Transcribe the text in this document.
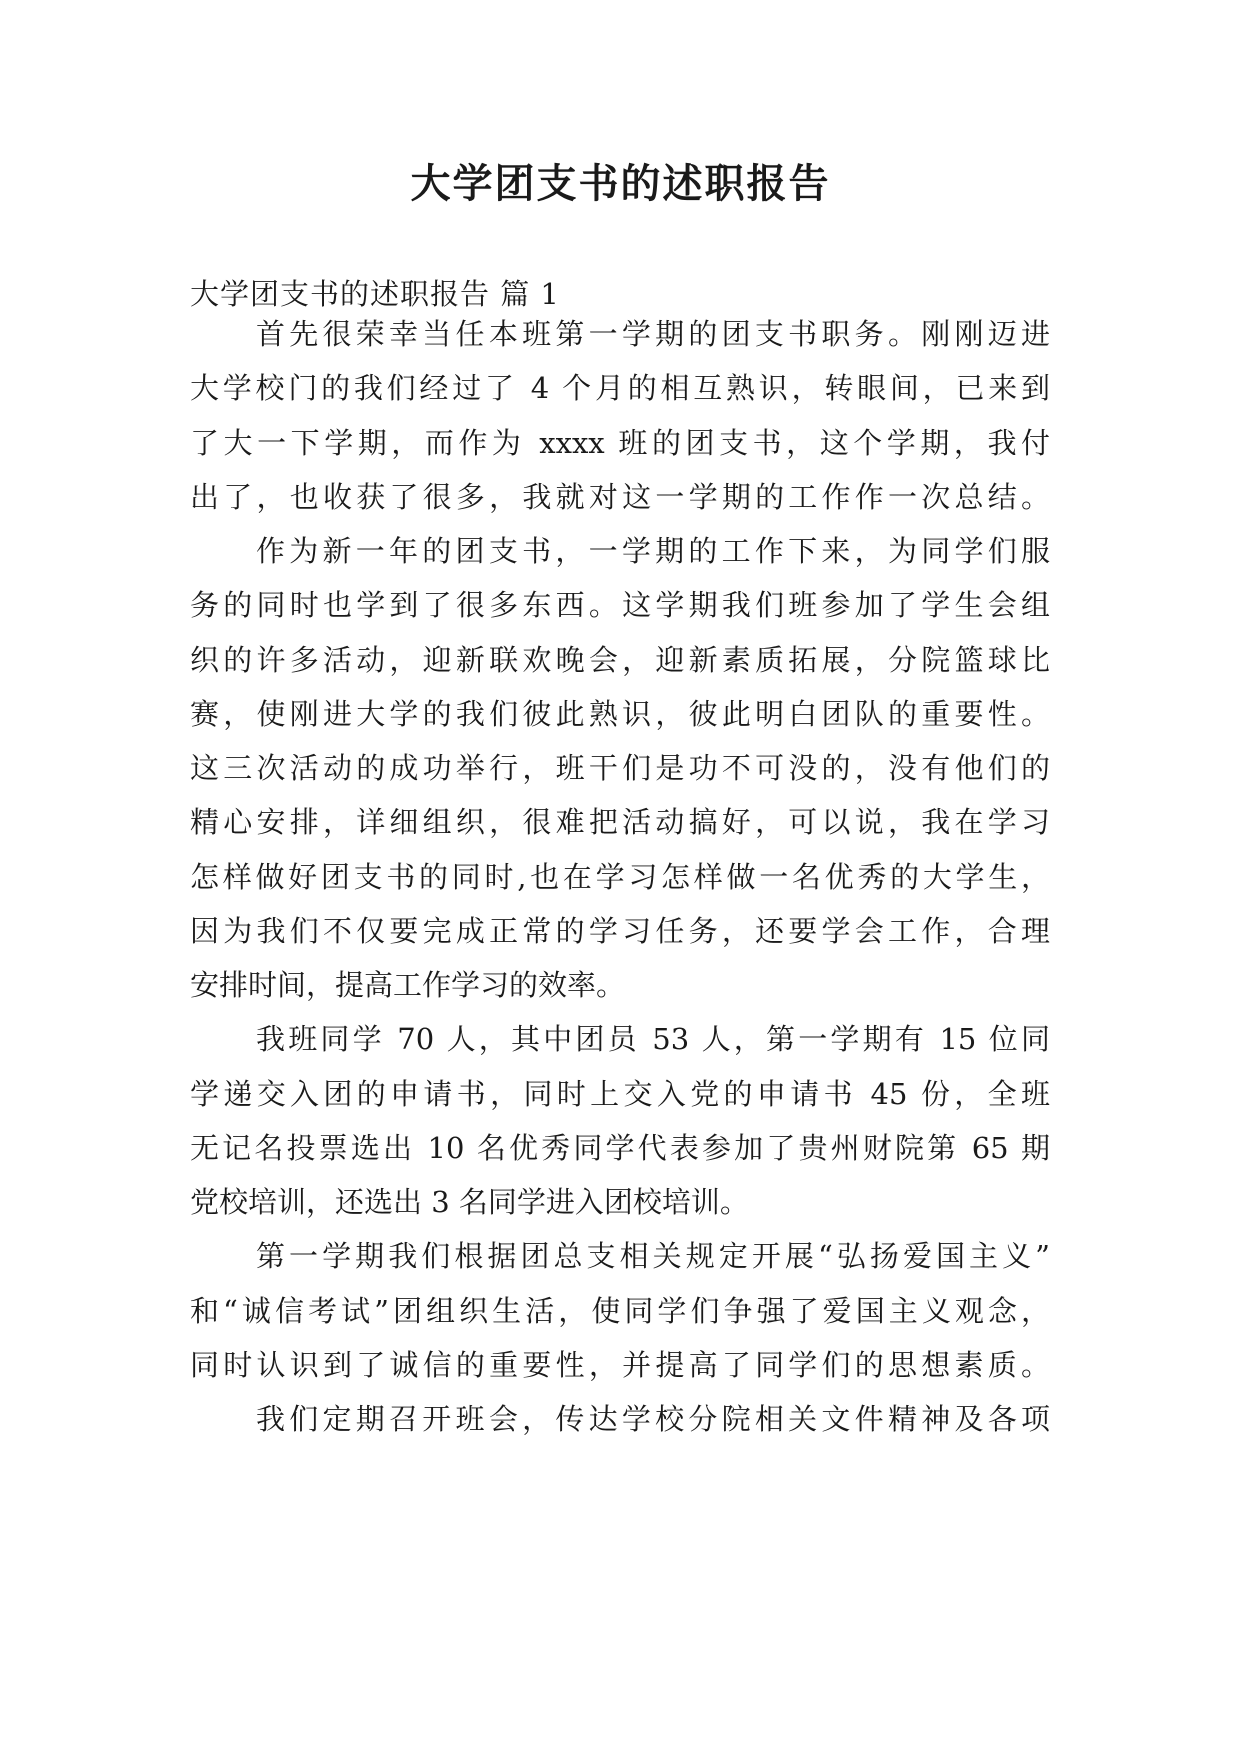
大学团支书的述职报告
大学团支书的述职报告 篇 1
首先很荣幸当任本班第一学期的团支书职务。刚刚迈进
大学校门的我们经过了 4 个月的相互熟识，转眼间，已来到
了大一下学期，而作为 xxxx 班的团支书，这个学期，我付
出了，也收获了很多，我就对这一学期的工作作一次总结。
作为新一年的团支书，一学期的工作下来，为同学们服
务的同时也学到了很多东西。这学期我们班参加了学生会组
织的许多活动，迎新联欢晚会，迎新素质拓展，分院篮球比
赛，使刚进大学的我们彼此熟识，彼此明白团队的重要性。
这三次活动的成功举行，班干们是功不可没的，没有他们的
精心安排，详细组织，很难把活动搞好，可以说，我在学习
怎样做好团支书的同时,也在学习怎样做一名优秀的大学生，
因为我们不仅要完成正常的学习任务，还要学会工作，合理
安排时间，提高工作学习的效率。
我班同学 70 人，其中团员 53 人，第一学期有 15 位同
学递交入团的申请书，同时上交入党的申请书 45 份，全班
无记名投票选出 10 名优秀同学代表参加了贵州财院第 65 期
党校培训，还选出 3 名同学进入团校培训。
第一学期我们根据团总支相关规定开展“弘扬爱国主义”
和“诚信考试”团组织生活，使同学们争强了爱国主义观念，
同时认识到了诚信的重要性，并提高了同学们的思想素质。
我们定期召开班会，传达学校分院相关文件精神及各项
